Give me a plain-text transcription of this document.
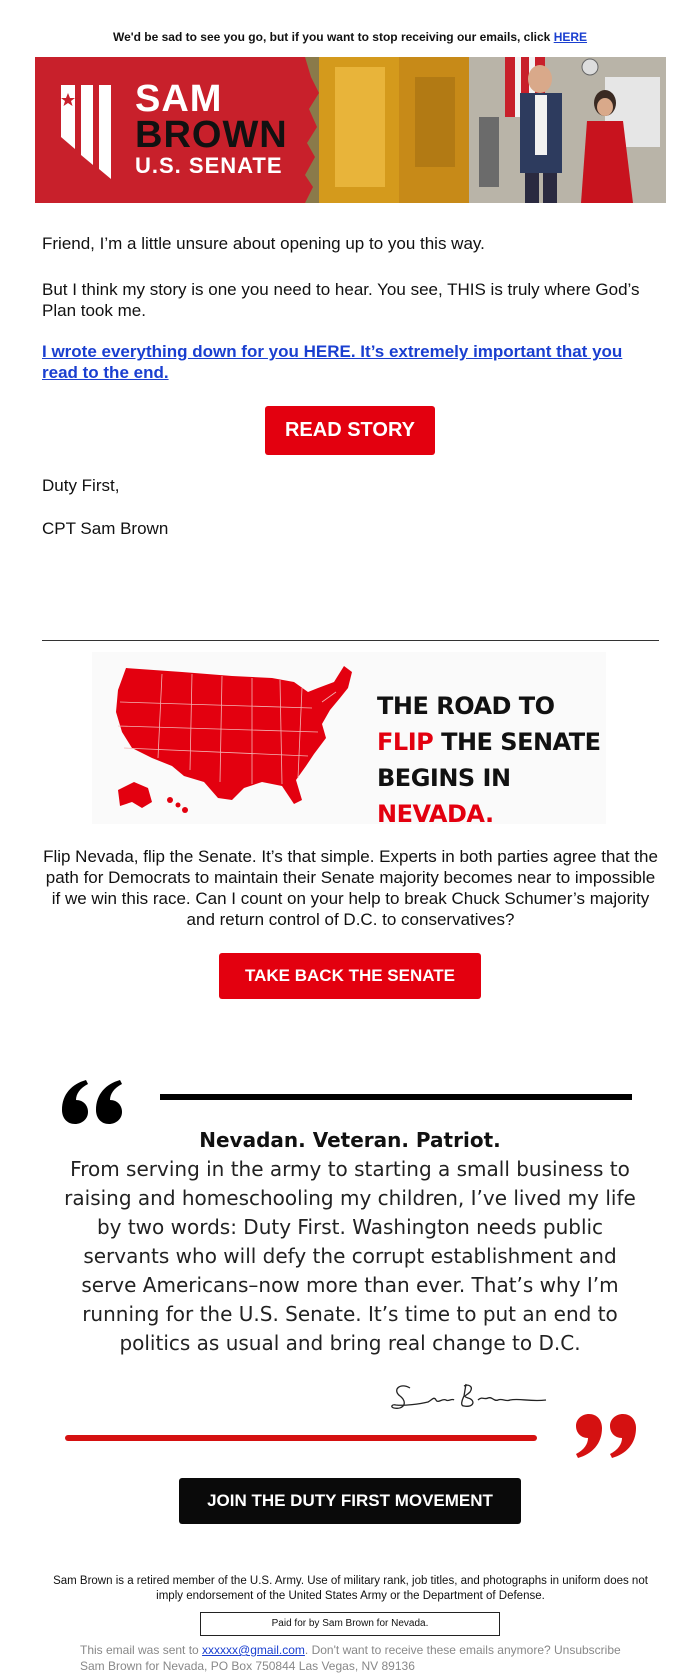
We'd be sad to see you go, but if you want to stop receiving our emails, click HERE
SAM
BROWN
U.S. SENATE
Friend, I’m a little unsure about opening up to you this way.
But I think my story is one you need to hear. You see, THIS is truly where God’s Plan took me.
I wrote everything down for you HERE. It’s extremely important that you read to the end.
READ STORY
Duty First,
CPT Sam Brown
THE ROAD TO
FLIP THE SENATE
BEGINS IN NEVADA.
Flip Nevada, flip the Senate. It’s that simple. Experts in both parties agree that the path for Democrats to maintain their Senate majority becomes near to impossible if we win this race. Can I count on your help to break Chuck Schumer’s majority and return control of D.C. to conservatives?
TAKE BACK THE SENATE
Nevadan. Veteran. Patriot.
From serving in the army to starting a small business to raising and homeschooling my children, I’ve lived my life by two words: Duty First. Washington needs public servants who will defy the corrupt establishment and serve Americans–now more than ever. That’s why I’m running for the U.S. Senate. It’s time to put an end to politics as usual and bring real change to D.C.
JOIN THE DUTY FIRST MOVEMENT
Sam Brown is a retired member of the U.S. Army. Use of military rank, job titles, and photographs in uniform does not imply endorsement of the United States Army or the Department of Defense.
Paid for by Sam Brown for Nevada.
This email was sent to xxxxxx@gmail.com. Don't want to receive these emails anymore? Unsubscribe
Sam Brown for Nevada, PO Box 750844 Las Vegas, NV 89136
